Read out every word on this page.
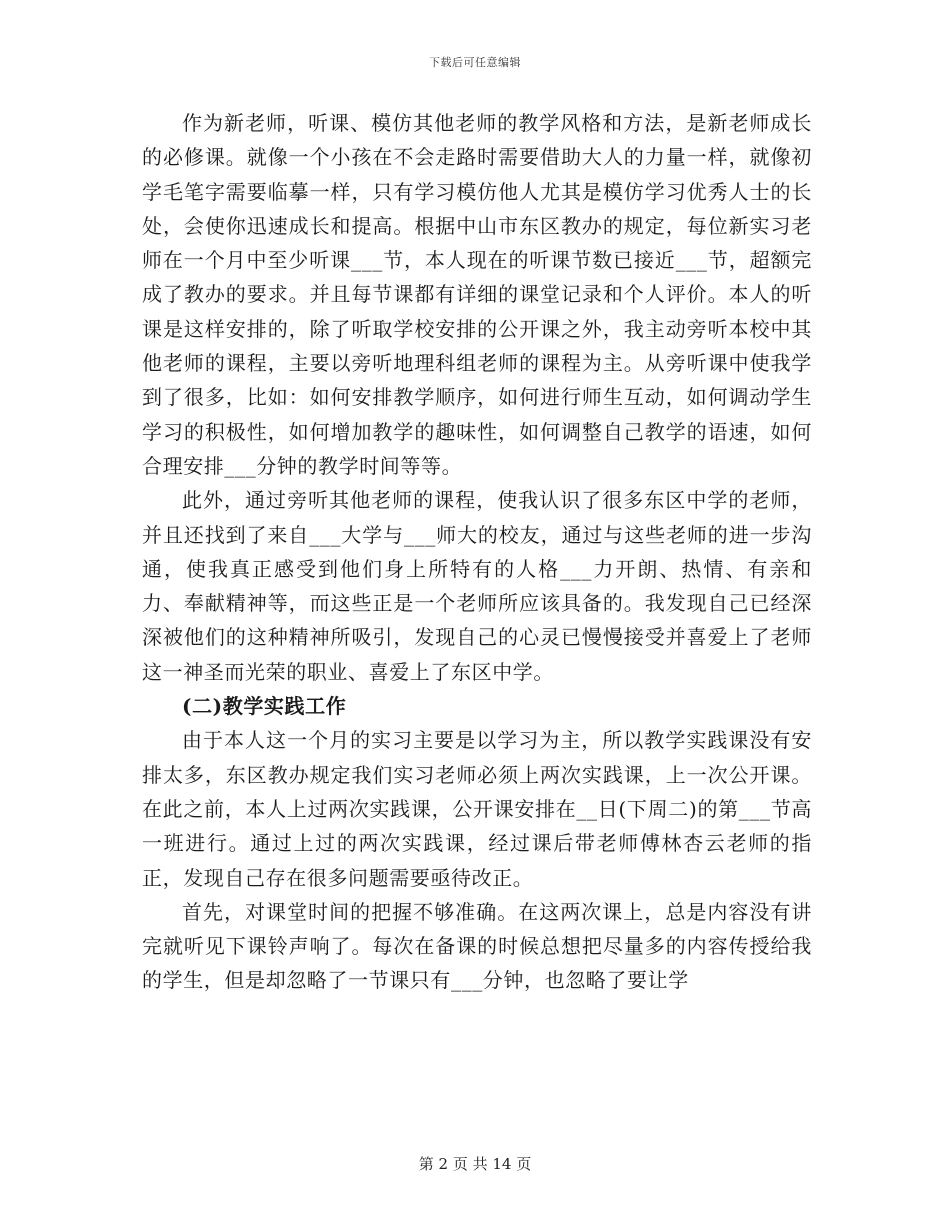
下载后可任意编辑

作为新老师，听课、模仿其他老师的教学风格和方法，是新老师成长的必修课。就像一个小孩在不会走路时需要借助大人的力量一样，就像初学毛笔字需要临摹一样，只有学习模仿他人尤其是模仿学习优秀人士的长处，会使你迅速成长和提高。根据中山市东区教办的规定，每位新实习老师在一个月中至少听课___节，本人现在的听课节数已接近___节，超额完成了教办的要求。并且每节课都有详细的课堂记录和个人评价。本人的听课是这样安排的，除了听取学校安排的公开课之外，我主动旁听本校中其他老师的课程，主要以旁听地理科组老师的课程为主。从旁听课中使我学到了很多，比如：如何安排教学顺序，如何进行师生互动，如何调动学生学习的积极性，如何增加教学的趣味性，如何调整自己教学的语速，如何合理安排___分钟的教学时间等等。

此外，通过旁听其他老师的课程，使我认识了很多东区中学的老师，并且还找到了来自___大学与___师大的校友，通过与这些老师的进一步沟通，使我真正感受到他们身上所特有的人格___力开朗、热情、有亲和力、奉献精神等，而这些正是一个老师所应该具备的。我发现自己已经深深被他们的这种精神所吸引，发现自己的心灵已慢慢接受并喜爱上了老师这一神圣而光荣的职业、喜爱上了东区中学。

(二)教学实践工作

由于本人这一个月的实习主要是以学习为主，所以教学实践课没有安排太多，东区教办规定我们实习老师必须上两次实践课，上一次公开课。在此之前，本人上过两次实践课，公开课安排在__日(下周二)的第___节高一班进行。通过上过的两次实践课，经过课后带老师傅林杏云老师的指正，发现自己存在很多问题需要亟待改正。

首先，对课堂时间的把握不够准确。在这两次课上，总是内容没有讲完就听见下课铃声响了。每次在备课的时候总想把尽量多的内容传授给我的学生，但是却忽略了一节课只有___分钟，也忽略了要让学

第 2 页 共 14 页
